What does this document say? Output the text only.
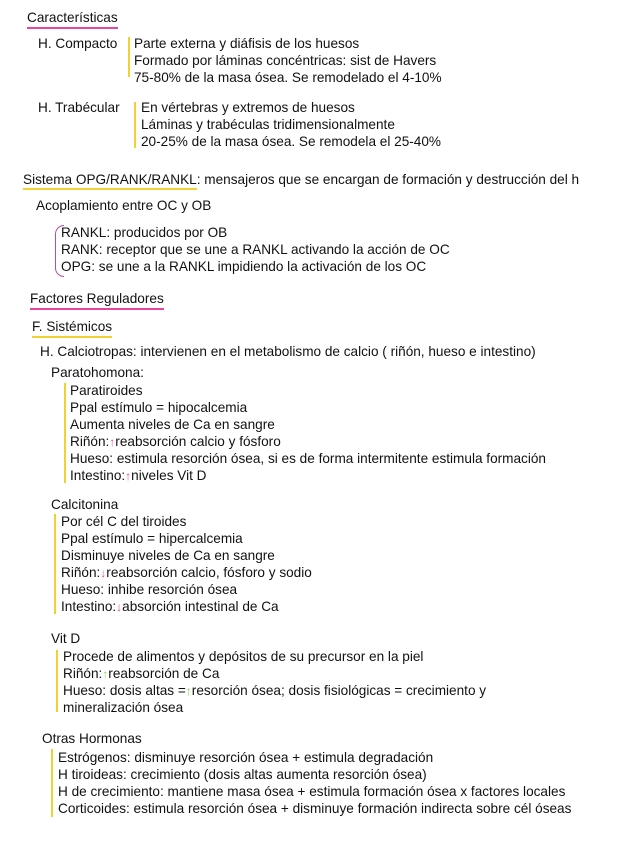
Características
H. Compacto Parte externa y diáfisis de los huesos
Formado por láminas concéntricas: sist de Havers
75-80% de la masa ósea. Se remodelado el 4-10%
H. Trabécular En vértebras y extremos de huesos
Láminas y trabéculas tridimensionalmente
20-25% de la masa ósea. Se remodela el 25-40%
Sistema OPG/RANK/RANKL: mensajeros que se encargan de formación y destrucción del h
Acoplamiento entre OC y OB
RANKL: producidos por OB
RANK: receptor que se une a RANKL activando la acción de OC
OPG: se une a la RANKL impidiendo la activación de los OC
Factores Reguladores
F. Sistémicos
H. Calciotropas: intervienen en el metabolismo de calcio ( riñón, hueso e intestino)
Paratohomona:
Paratiroides
Ppal estímulo = hipocalcemia
Aumenta niveles de Ca en sangre
Riñón:↑reabsorción calcio y fósforo
Hueso: estimula resorción ósea, si es de forma intermitente estimula formación
Intestino:↑niveles Vit D
Calcitonina
Por cél C del tiroides
Ppal estímulo = hipercalcemia
Disminuye niveles de Ca en sangre
Riñón:↓reabsorción calcio, fósforo y sodio
Hueso: inhibe resorción ósea
Intestino:↓absorción intestinal de Ca
Vit D
Procede de alimentos y depósitos de su precursor en la piel
Riñón:↑reabsorción de Ca
Hueso: dosis altas =↑resorción ósea; dosis fisiológicas = crecimiento y
mineralización ósea
Otras Hormonas
Estrógenos: disminuye resorción ósea + estimula degradación
H tiroideas: crecimiento (dosis altas aumenta resorción ósea)
H de crecimiento: mantiene masa ósea + estimula formación ósea x factores locales
Corticoides: estimula resorción ósea + disminuye formación indirecta sobre cél óseas
